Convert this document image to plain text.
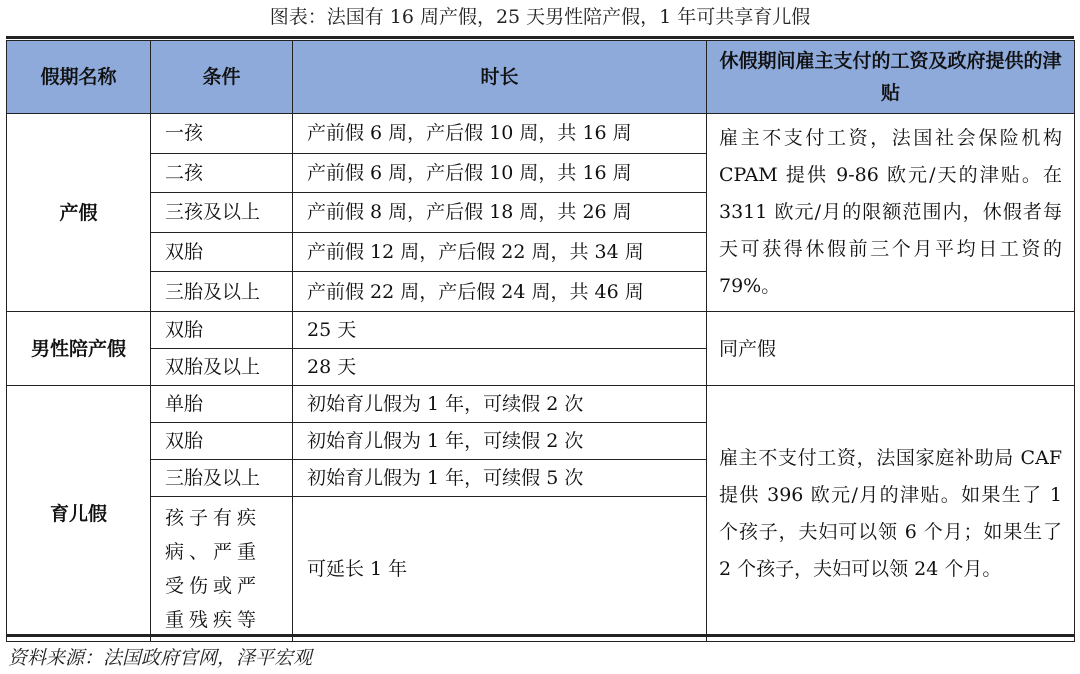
图表：法国有 16 周产假，25 天男性陪产假，1 年可共享育儿假
假期名称	条件	时长	休假期间雇主支付的工资及政府提供的津贴
产假	一孩	产前假 6 周，产后假 10 周，共 16 周	雇主不支付工资，法国社会保险机构 CPAM 提供 9-86 欧元/天的津贴。在 3311 欧元/月的限额范围内，休假者每天可获得休假前三个月平均日工资的 79%。
	二孩	产前假 6 周，产后假 10 周，共 16 周	
	三孩及以上	产前假 8 周，产后假 18 周，共 26 周	
	双胎	产前假 12 周，产后假 22 周，共 34 周	
	三胎及以上	产前假 22 周，产后假 24 周，共 46 周	
男性陪产假	双胎	25 天	同产假
	双胎及以上	28 天	
育儿假	单胎	初始育儿假为 1 年，可续假 2 次	雇主不支付工资，法国家庭补助局 CAF 提供 396 欧元/月的津贴。如果生了 1 个孩子，夫妇可以领 6 个月；如果生了 2 个孩子，夫妇可以领 24 个月。
	双胎	初始育儿假为 1 年，可续假 2 次	
	三胎及以上	初始育儿假为 1 年，可续假 5 次	
	孩子有疾病、严重受伤或严重残疾等	可延长 1 年	
资料来源：法国政府官网，泽平宏观
